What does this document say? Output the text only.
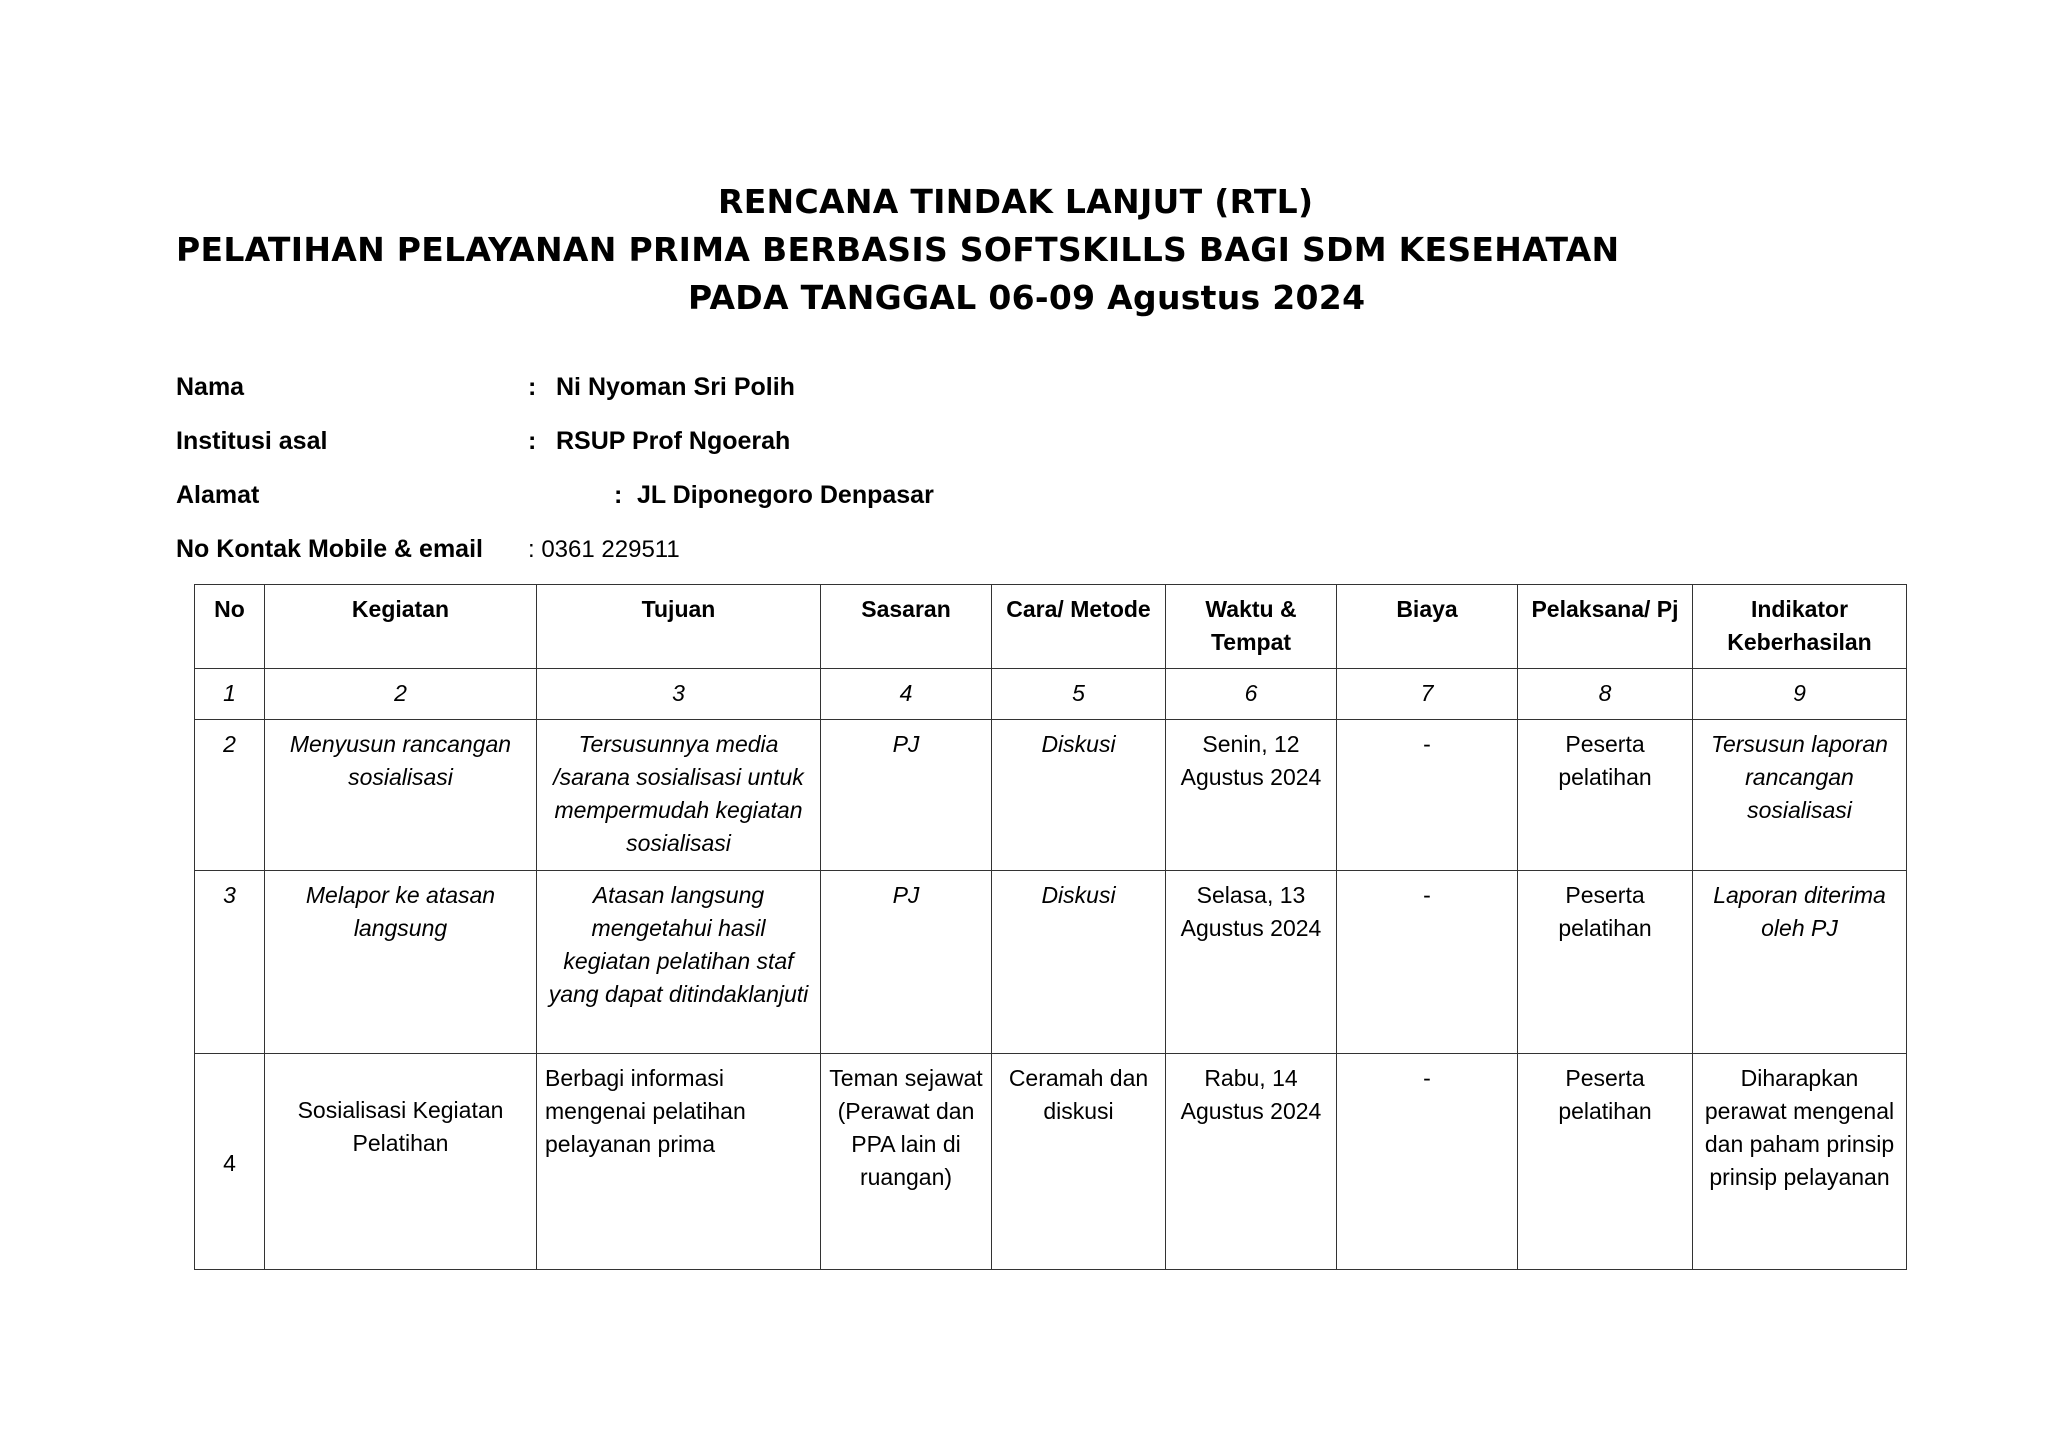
RENCANA TINDAK LANJUT (RTL)
PELATIHAN PELAYANAN PRIMA BERBASIS SOFTSKILLS BAGI SDM KESEHATAN
PADA TANGGAL 06-09 Agustus 2024
Nama	: Ni Nyoman Sri Polih
Institusi asal	: RSUP Prof Ngoerah
Alamat	: JL Diponegoro Denpasar
No Kontak Mobile & email : 0361 229511
No	Kegiatan	Tujuan	Sasaran	Cara/ Metode	Waktu & Tempat	Biaya	Pelaksana/ Pj	Indikator Keberhasilan
1	2	3	4	5	6	7	8	9
2	Menyusun rancangan sosialisasi	Tersusunnya media /sarana sosialisasi untuk mempermudah kegiatan sosialisasi	PJ	Diskusi	Senin, 12 Agustus 2024	-	Peserta pelatihan	Tersusun laporan rancangan sosialisasi
3	Melapor ke atasan langsung	Atasan langsung mengetahui hasil kegiatan pelatihan staf yang dapat ditindaklanjuti	PJ	Diskusi	Selasa, 13 Agustus 2024	-	Peserta pelatihan	Laporan diterima oleh PJ
4	Sosialisasi Kegiatan Pelatihan	Berbagi informasi mengenai pelatihan pelayanan prima	Teman sejawat (Perawat dan PPA lain di ruangan)	Ceramah dan diskusi	Rabu, 14 Agustus 2024	-	Peserta pelatihan	Diharapkan perawat mengenal dan paham prinsip prinsip pelayanan
